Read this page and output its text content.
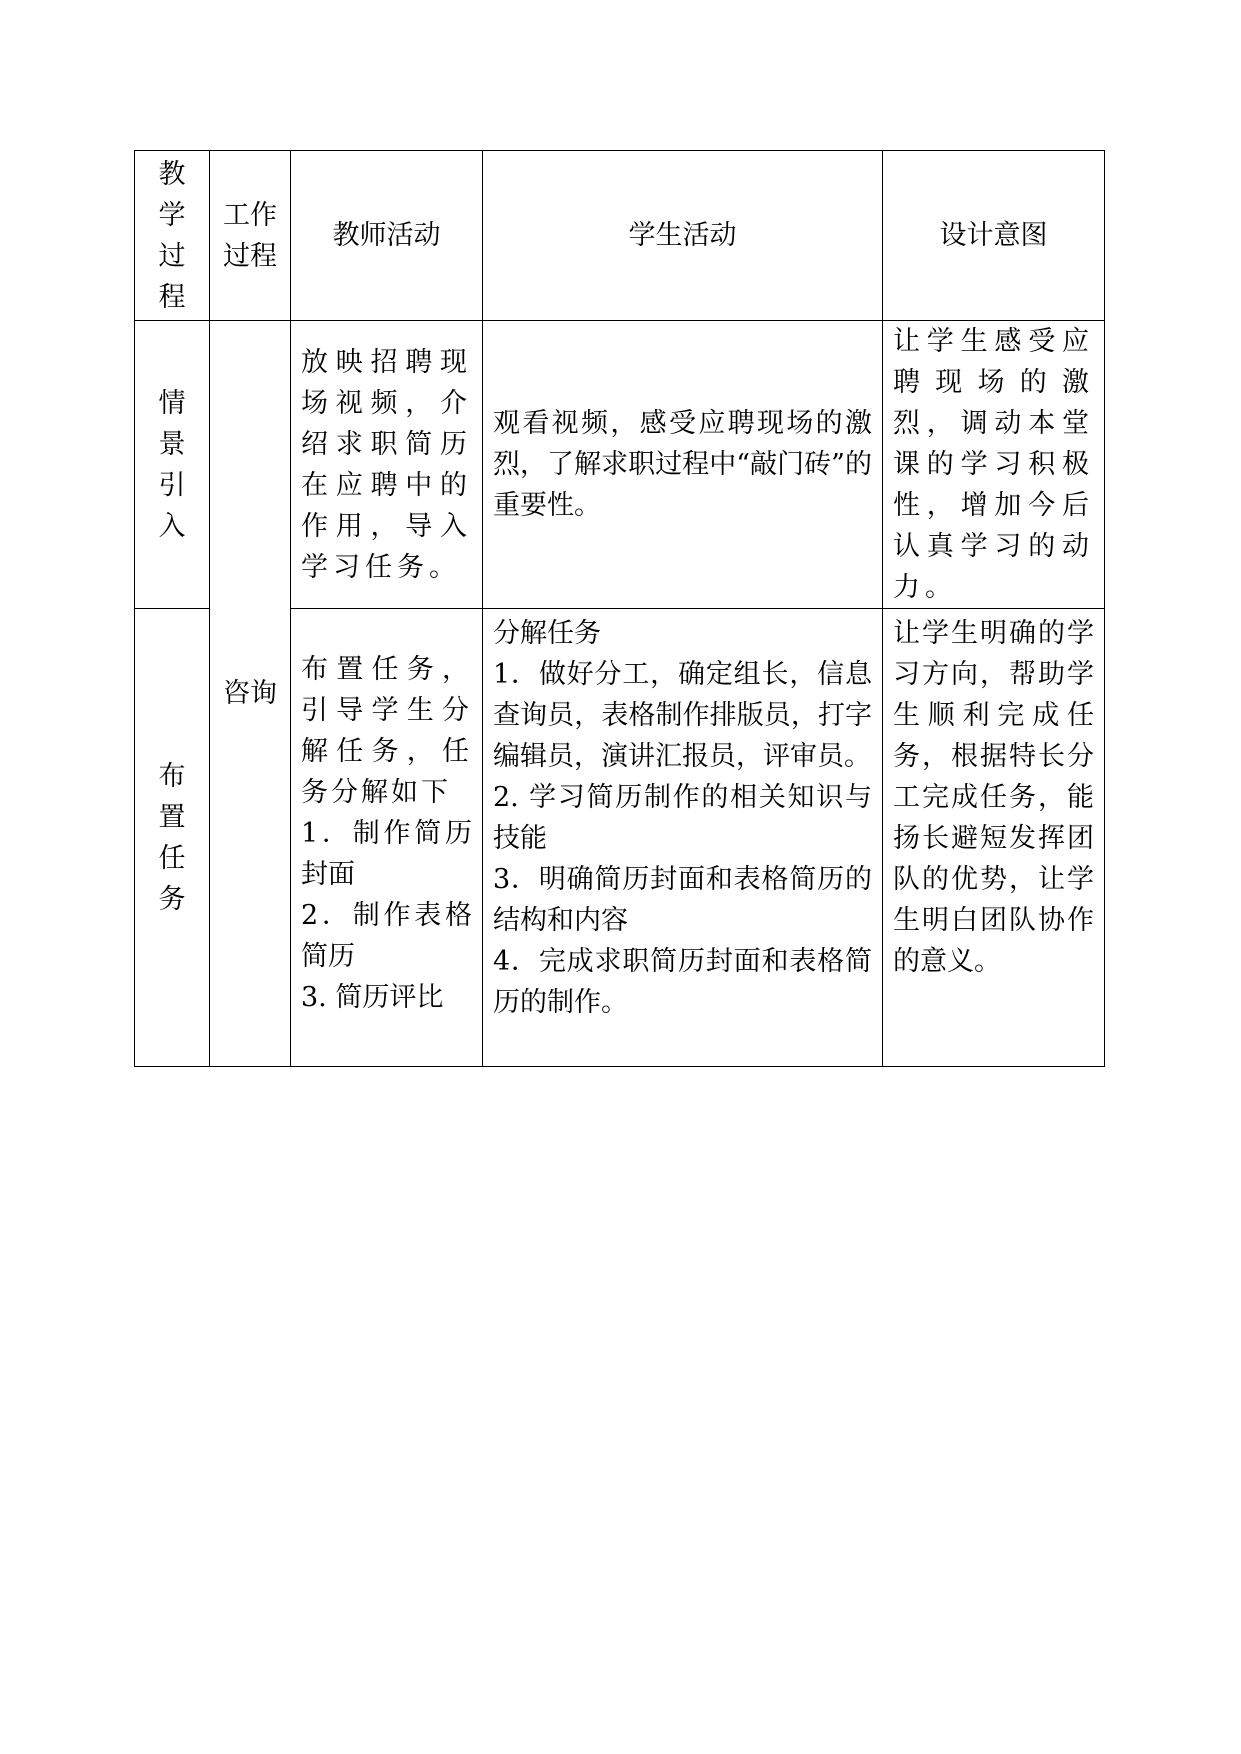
教学过程	工作过程	教师活动	学生活动	设计意图

情景引入	咨询	放映招聘现场视频，介绍求职简历在应聘中的作用，导入学习任务。	观看视频，感受应聘现场的激烈，了解求职过程中“敲门砖”的重要性。	让学生感受应聘现场的激烈，调动本堂课的学习积极性，增加今后认真学习的动力。

布置任务		布置任务，引导学生分解任务，任务分解如下
1．制作简历封面
2．制作表格简历
3. 简历评比	分解任务
1．做好分工，确定组长，信息查询员，表格制作排版员，打字编辑员，演讲汇报员，评审员。
2. 学习简历制作的相关知识与技能
3．明确简历封面和表格简历的结构和内容
4．完成求职简历封面和表格简历的制作。	让学生明确的学习方向，帮助学生顺利完成任务，根据特长分工完成任务，能扬长避短发挥团队的优势，让学生明白团队协作的意义。
